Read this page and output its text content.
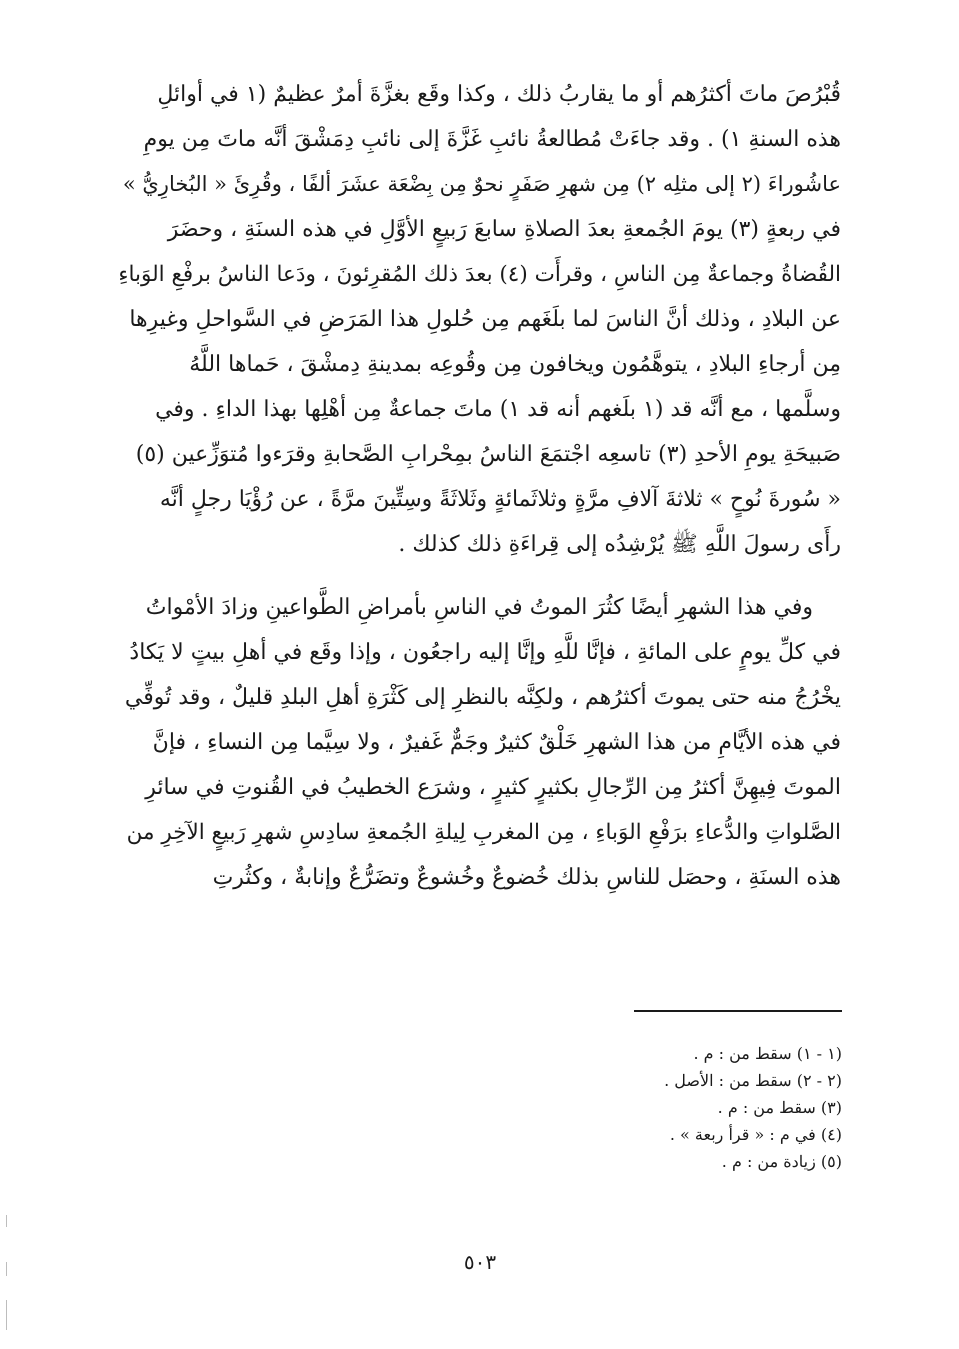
قُبْرُصَ ماتَ أكثرُهم أو ما يقاربُ ذلك ، وكذا وقَع بغزَّةَ أمرٌ عظيمٌ (١ في أوائلِ
هذه السنةِ ١) . وقد جاءَتْ مُطالعةُ نائبِ غَزَّةَ إلى نائبِ دِمَشْقَ أنَّه ماتَ مِن يومِ
عاشُوراءَ (٢ إلى مثلِه ٢) مِن شهرِ صَفَرٍ نحوٌ مِن بِضْعَة عشَرَ ألفًا ، وقُرِئَ « البُخارِيُّ »
في ربعةٍ (٣) يومَ الجُمعةِ بعدَ الصلاةِ سابعَ رَبيعٍ الأوَّلِ في هذه السنَةِ ، وحضَرَ
القُضاةُ وجماعةٌ مِن الناسِ ، وقرأَت (٤) بعدَ ذلك المُقرِئونَ ، ودَعا الناسُ برفْعِ الوَباءِ
عن البلادِ ، وذلك أنَّ الناسَ لما بلَغَهم مِن حُلولِ هذا المَرَضِ في السَّواحلِ وغيرِها
مِن أرجاءِ البلادِ ، يتوهَّمُون ويخافون مِن وقُوعِه بمدينةِ دِمشْقَ ، حَماها اللَّهُ
وسلَّمها ، مع أنَّه قد (١ بلَغهم أنه قد ١) ماتَ جماعةٌ مِن أهْلِها بهذا الداءِ . وفي
صَبيحَةِ يومِ الأحدِ (٣) تاسعِه اجْتمَعَ الناسُ بمِحْرابِ الصَّحابةِ وقرَءوا مُتوَزِّعين (٥)
« سُورةَ نُوحٍ » ثلاثةَ آلافِ مرَّةٍ وثلاثَمائةٍ وثَلاثَةً وسِتِّينَ مرَّةً ، عن رُؤْيَا رجلٍ أنَّه
رأَى رسولَ اللَّهِ ﷺ يُرْشِدُه إلى قِراءَةِ ذلك كذلك .
وفي هذا الشهرِ أيضًا كثُرَ الموتُ في الناسِ بأمراضِ الطَّواعينِ وزادَ الأمْواتُ
في كلِّ يومٍ على المائةِ ، فإنَّا للَّهِ وإنَّا إليه راجعُون ، وإذا وقَع في أهلِ بيتٍ لا يَكادُ
يخْرُجُ منه حتى يموتَ أكثرُهم ، ولكِنَّه بالنظرِ إلى كَثْرَةِ أهلِ البلدِ قليلٌ ، وقد تُوفِّي
في هذه الأيَّامِ من هذا الشهرِ خَلْقٌ كثيرٌ وجَمٌّ غَفيرٌ ، ولا سِيَّما مِن النساءِ ، فإنَّ
الموتَ فِيهِنَّ أكثرُ مِن الرِّجالِ بكثيرٍ كثيرٍ ، وشرَع الخطيبُ في القُنوتِ في سائرِ
الصَّلواتِ والدُّعاءِ برَفْعِ الوَباءِ ، مِن المغربِ لِيلةِ الجُمعةِ سادِسِ شهرِ رَبيعٍ الآخِرِ من
هذه السنَةِ ، وحصَل للناسِ بذلك خُضوعٌ وخُشوعٌ وتضَرُّعٌ وإنابةٌ ، وكثُرتِ
(١ - ١) سقط من : م .
(٢ - ٢) سقط من : الأصل .
(٣) سقط من : م .
(٤) في م : « قرأ ربعة » .
(٥) زيادة من : م .
٥٠٣
